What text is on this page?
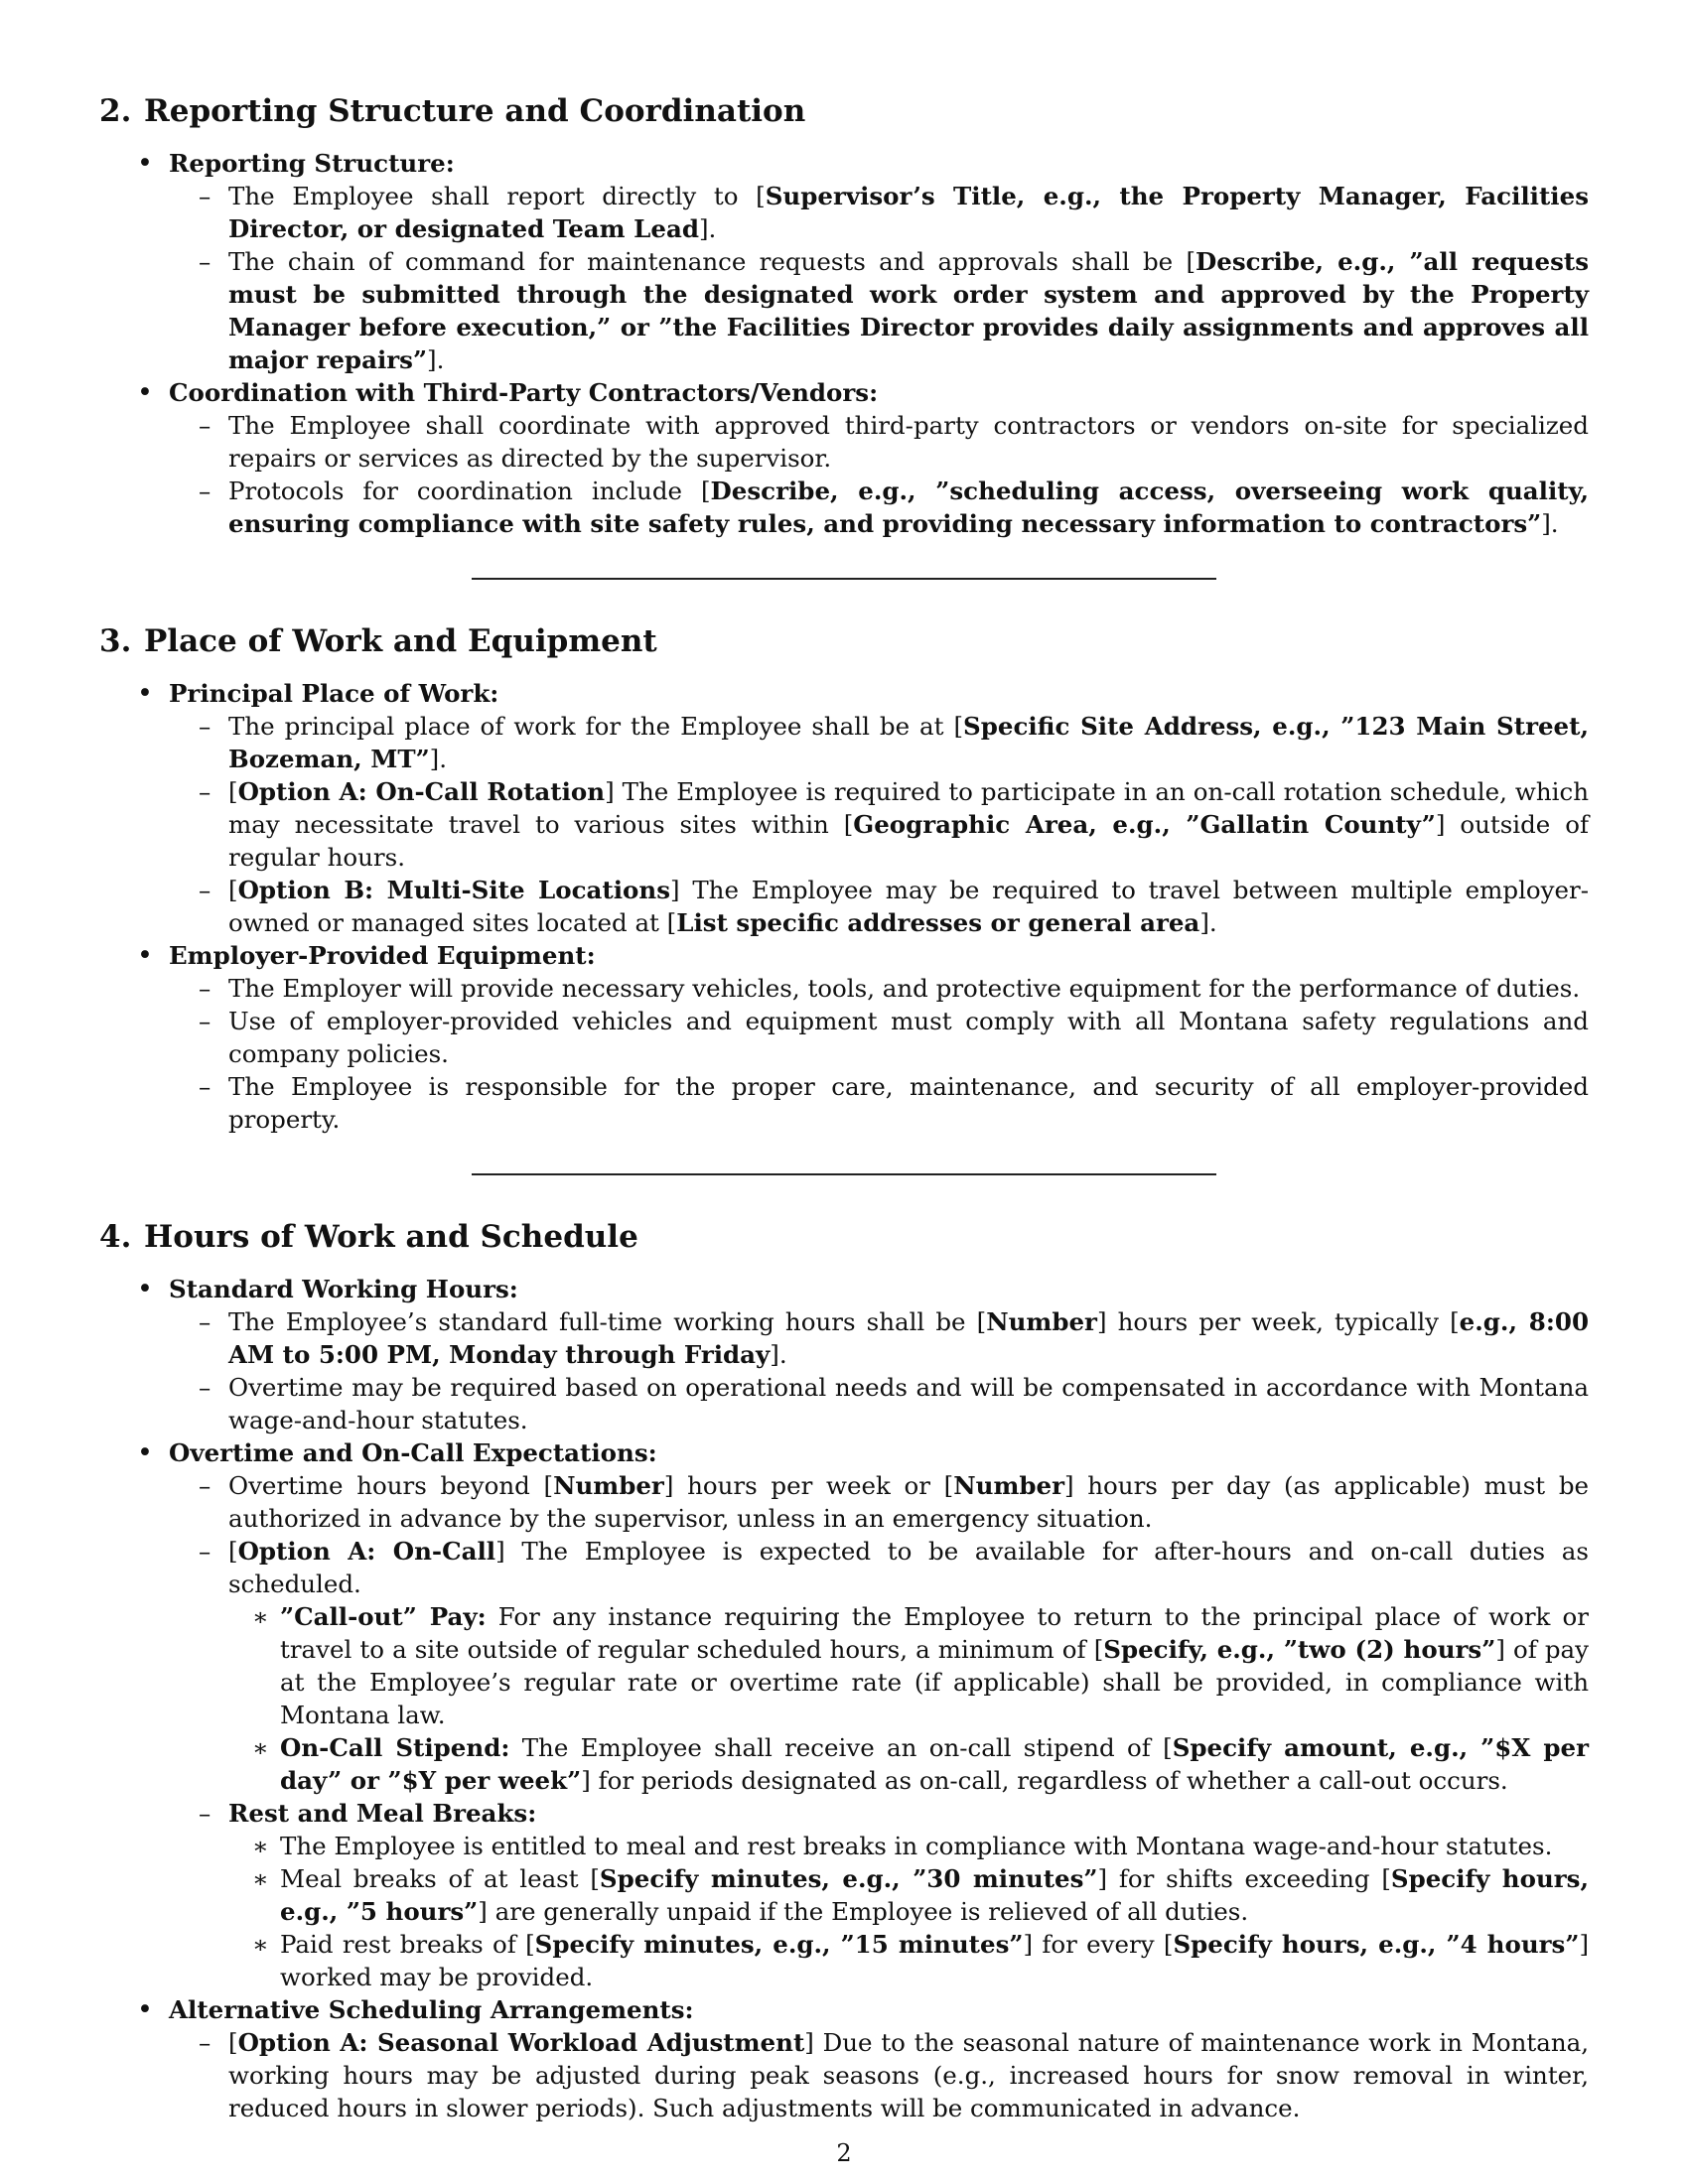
2. Reporting Structure and Coordination
• Reporting Structure:
– The Employee shall report directly to [Supervisor’s Title, e.g., the Property Manager, Facilities Director, or designated Team Lead].
– The chain of command for maintenance requests and approvals shall be [Describe, e.g., ”all requests must be submitted through the designated work order system and approved by the Property Manager before execution,” or ”the Facilities Director provides daily assignments and approves all major repairs”].
• Coordination with Third-Party Contractors/Vendors:
– The Employee shall coordinate with approved third-party contractors or vendors on-site for specialized repairs or services as directed by the supervisor.
– Protocols for coordination include [Describe, e.g., ”scheduling access, overseeing work quality, ensuring compliance with site safety rules, and providing necessary information to contractors”].
3. Place of Work and Equipment
• Principal Place of Work:
– The principal place of work for the Employee shall be at [Specific Site Address, e.g., ”123 Main Street, Bozeman, MT”].
– [Option A: On-Call Rotation] The Employee is required to participate in an on-call rotation schedule, which may necessitate travel to various sites within [Geographic Area, e.g., ”Gallatin County”] outside of regular hours.
– [Option B: Multi-Site Locations] The Employee may be required to travel between multiple employer-owned or managed sites located at [List specific addresses or general area].
• Employer-Provided Equipment:
– The Employer will provide necessary vehicles, tools, and protective equipment for the performance of duties.
– Use of employer-provided vehicles and equipment must comply with all Montana safety regulations and company policies.
– The Employee is responsible for the proper care, maintenance, and security of all employer-provided property.
4. Hours of Work and Schedule
• Standard Working Hours:
– The Employee’s standard full-time working hours shall be [Number] hours per week, typically [e.g., 8:00 AM to 5:00 PM, Monday through Friday].
– Overtime may be required based on operational needs and will be compensated in accordance with Montana wage-and-hour statutes.
• Overtime and On-Call Expectations:
– Overtime hours beyond [Number] hours per week or [Number] hours per day (as applicable) must be authorized in advance by the supervisor, unless in an emergency situation.
– [Option A: On-Call] The Employee is expected to be available for after-hours and on-call duties as scheduled.
∗ ”Call-out” Pay: For any instance requiring the Employee to return to the principal place of work or travel to a site outside of regular scheduled hours, a minimum of [Specify, e.g., ”two (2) hours”] of pay at the Employee’s regular rate or overtime rate (if applicable) shall be provided, in compliance with Montana law.
∗ On-Call Stipend: The Employee shall receive an on-call stipend of [Specify amount, e.g., ”$X per day” or ”$Y per week”] for periods designated as on-call, regardless of whether a call-out occurs.
– Rest and Meal Breaks:
∗ The Employee is entitled to meal and rest breaks in compliance with Montana wage-and-hour statutes.
∗ Meal breaks of at least [Specify minutes, e.g., ”30 minutes”] for shifts exceeding [Specify hours, e.g., ”5 hours”] are generally unpaid if the Employee is relieved of all duties.
∗ Paid rest breaks of [Specify minutes, e.g., ”15 minutes”] for every [Specify hours, e.g., ”4 hours”] worked may be provided.
• Alternative Scheduling Arrangements:
– [Option A: Seasonal Workload Adjustment] Due to the seasonal nature of maintenance work in Montana, working hours may be adjusted during peak seasons (e.g., increased hours for snow removal in winter, reduced hours in slower periods). Such adjustments will be communicated in advance.
2
